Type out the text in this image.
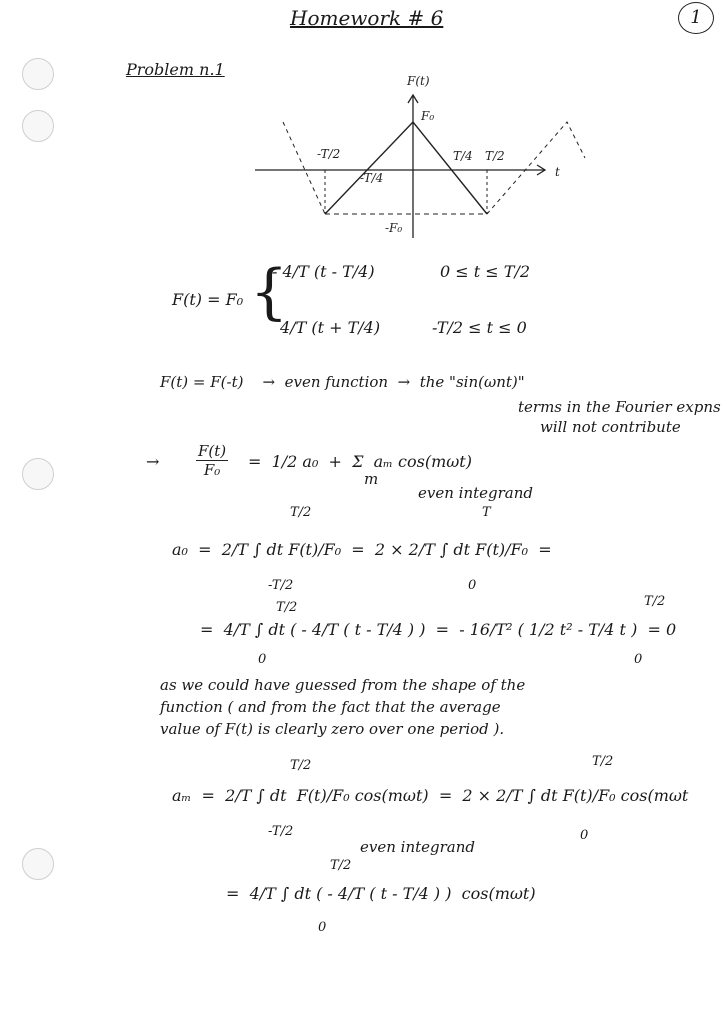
Homework # 6	1
Problem n.1
F(t)
F₀
-F₀
t
-T/2
-T/4
T/4 T/2
F(t) = F₀ {
- 4/T (t - T/4)	0 ≤ t ≤ T/2
4/T (t + T/4)	-T/2 ≤ t ≤ 0
F(t) = F(-t)    →  even function  →  the "sin(ωnt)"
terms in the Fourier expns
will not contribute
→ $\frac{F(t)}{\text{F₀}} = 1/2$ a₀  +  Σ  aₘ cos(mωt)
m
even integrand
T/2	T
a₀  =  2/T ∫ dt F(t)/F₀  =  2 × 2/T ∫ dt F(t)/F₀  =
-T/2	0
T/2	T/2
=  4/T ∫ dt ( - 4/T ( t - T/4 ) )  =  - 16/T² ( 1/2 t² - T/4 t )  = 0
0	0
as we could have guessed from the shape of the
function ( and from the fact that the average
value of F(t) is clearly zero over one period ).
T/2	T/2
aₘ  =  2/T ∫ dt  F(t)/F₀ cos(mωt)  =  2 × 2/T ∫ dt F(t)/F₀ cos(mωt
-T/2	0
even integrand
T/2
=  4/T ∫ dt ( - 4/T ( t - T/4 ) )  cos(mωt)
0
